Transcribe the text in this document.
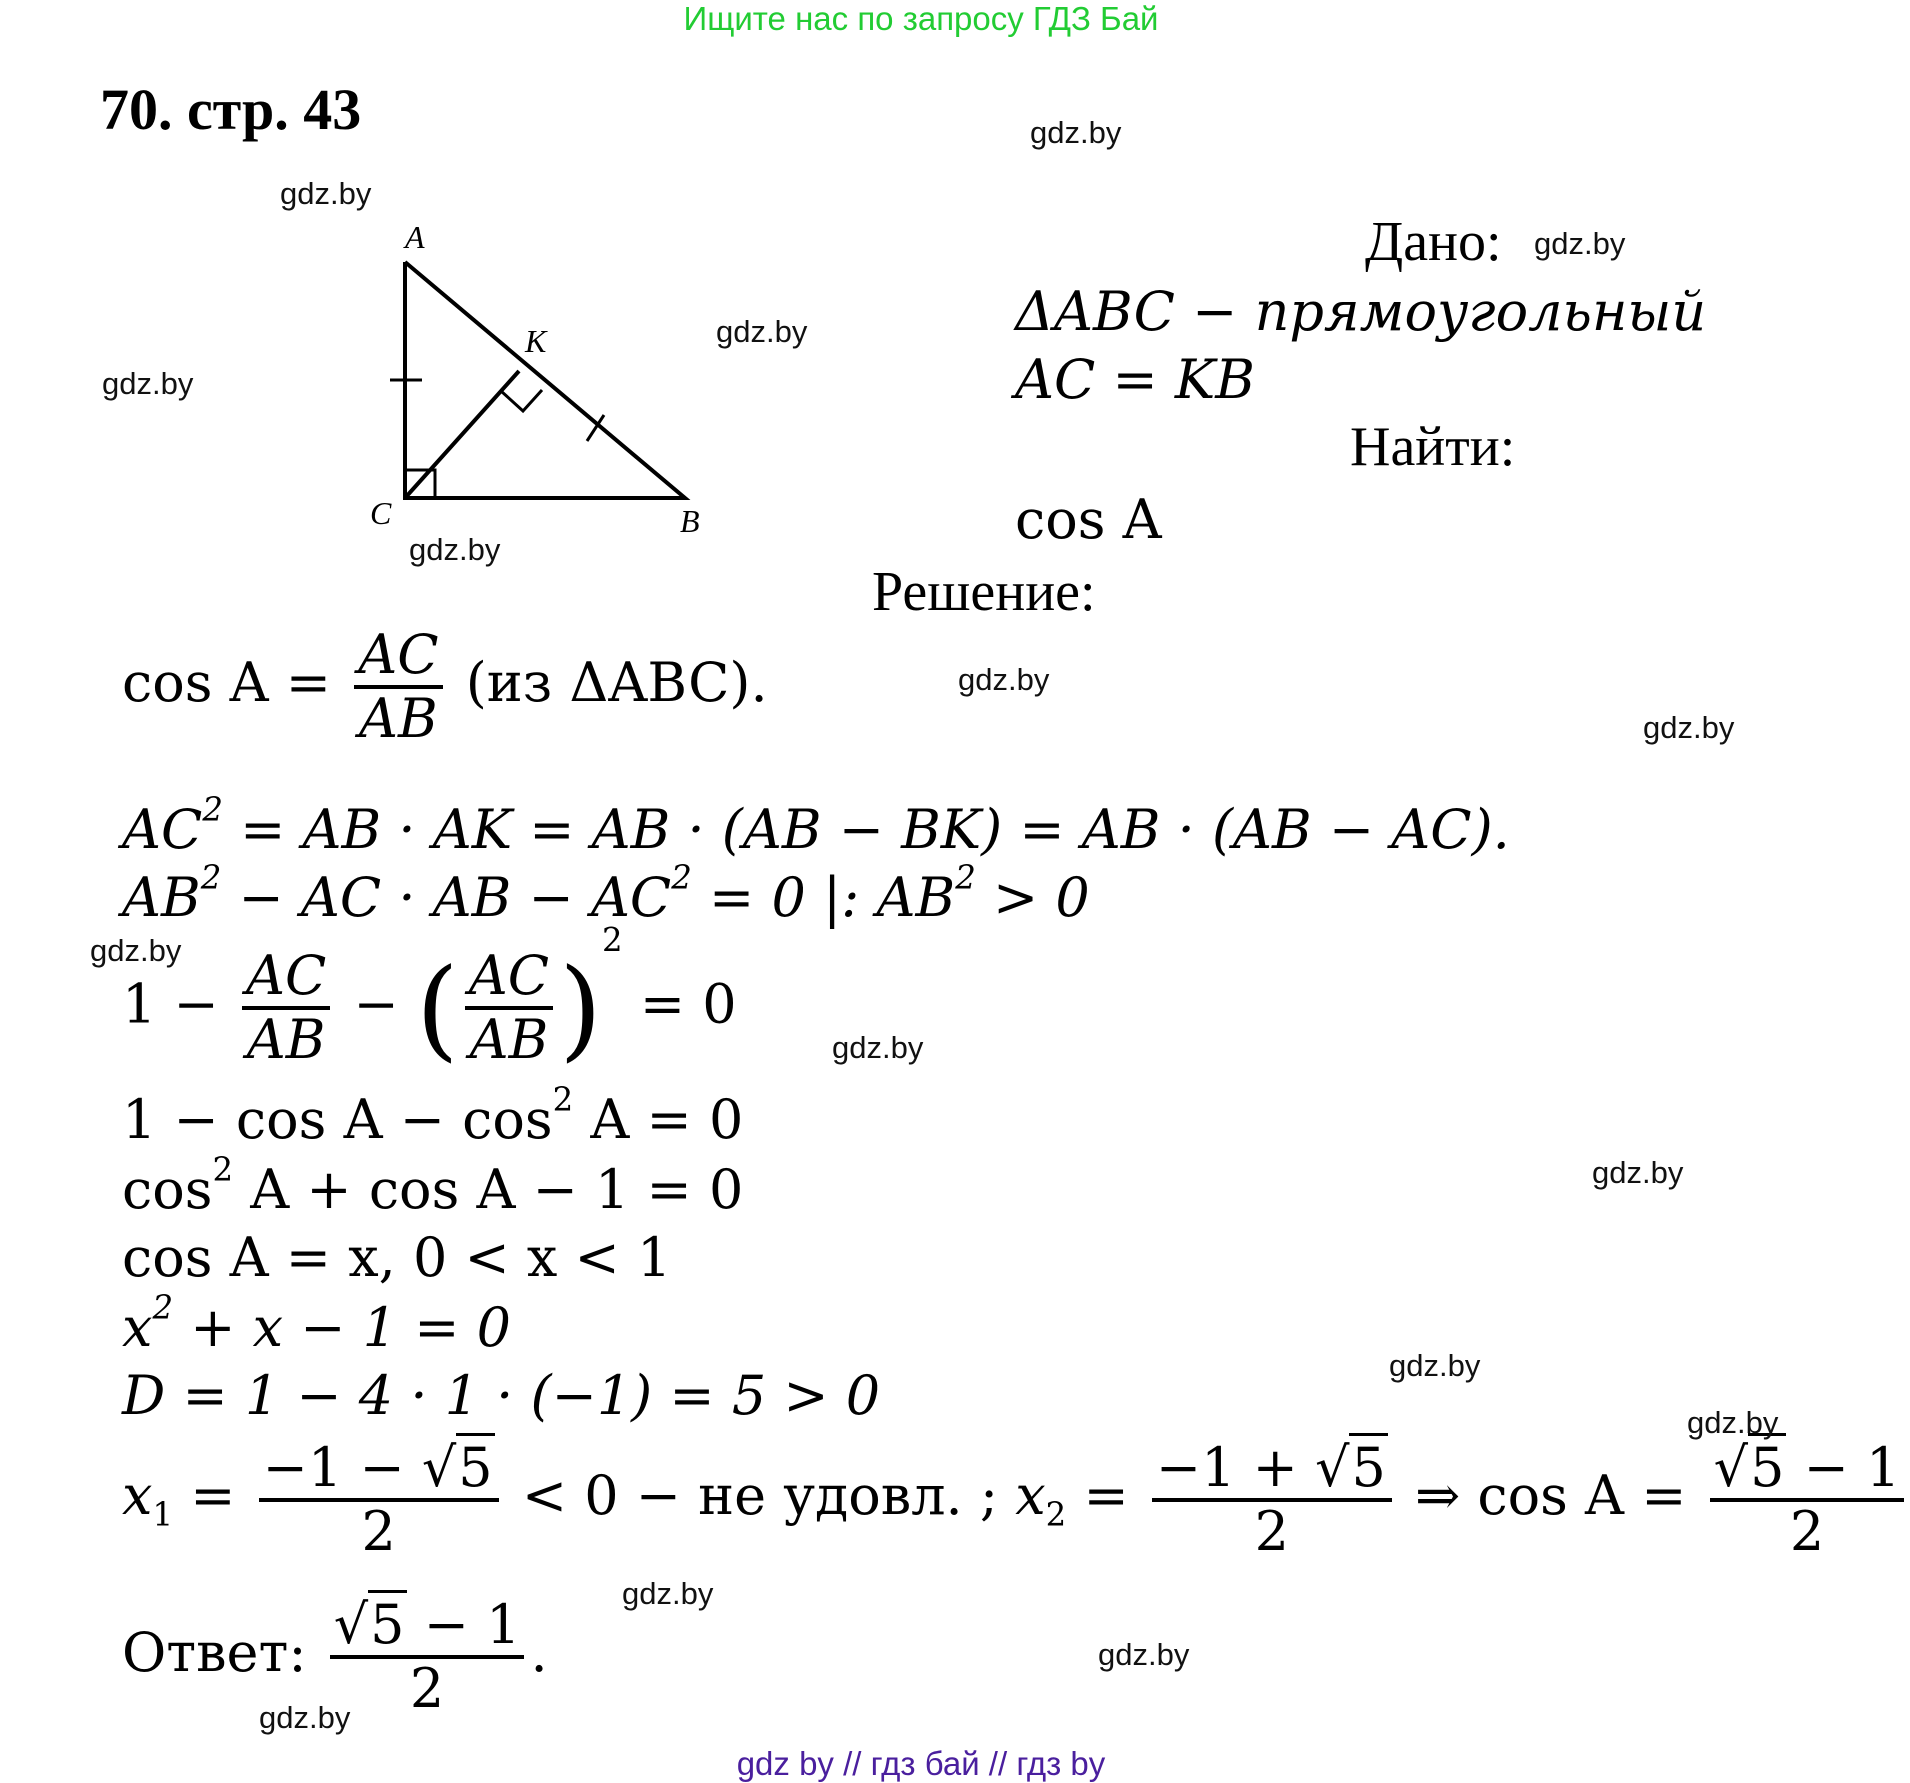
Ищите нас по запросу ГДЗ Бай
70. стр. 43
A
K
C	B
Дано:
ΔABC − прямоугольный
AC = KB
Найти:
cos A
Решение:
$\cos A = \frac{AC}{AB} (из$ ΔABC).
$AC^2$ = AB · AK = AB · (AB − BK) = AB · (AB − AC).
$AB^2$ − AC · AB − $AC^2 = 0$ |: $AB^2 > 0$
$1 - \frac{AC}{AB}$ − ( $\frac{AC}{AB} )^2 = 0$
$1 - \cos A - \cos^2 A = 0$
$\cos^2 A + \cos A - 1 = 0$
cos A = x, 0 < x < 1
$x^2 + x - 1 = 0$
D = 1 − 4 · 1 · (−1) = 5 > 0
$x_1 = \frac{-1 - √5}{2} < 0$ − не удовл. ; $x_2 = \frac{-1 + √5}{2}$ ⇒ $\cos A = \frac{√5 - 1}{2}$
Ответ: $\frac{√5 - 1}{2}$ .
gdz.by
gdz.by
gdz.by
gdz.by
gdz.by
gdz.by
gdz.by
gdz.by
gdz.by
gdz.by
gdz.by
gdz.by
gdz.by
gdz.by
gdz.by
gdz.by
gdz by // гдз бай // гдз by
